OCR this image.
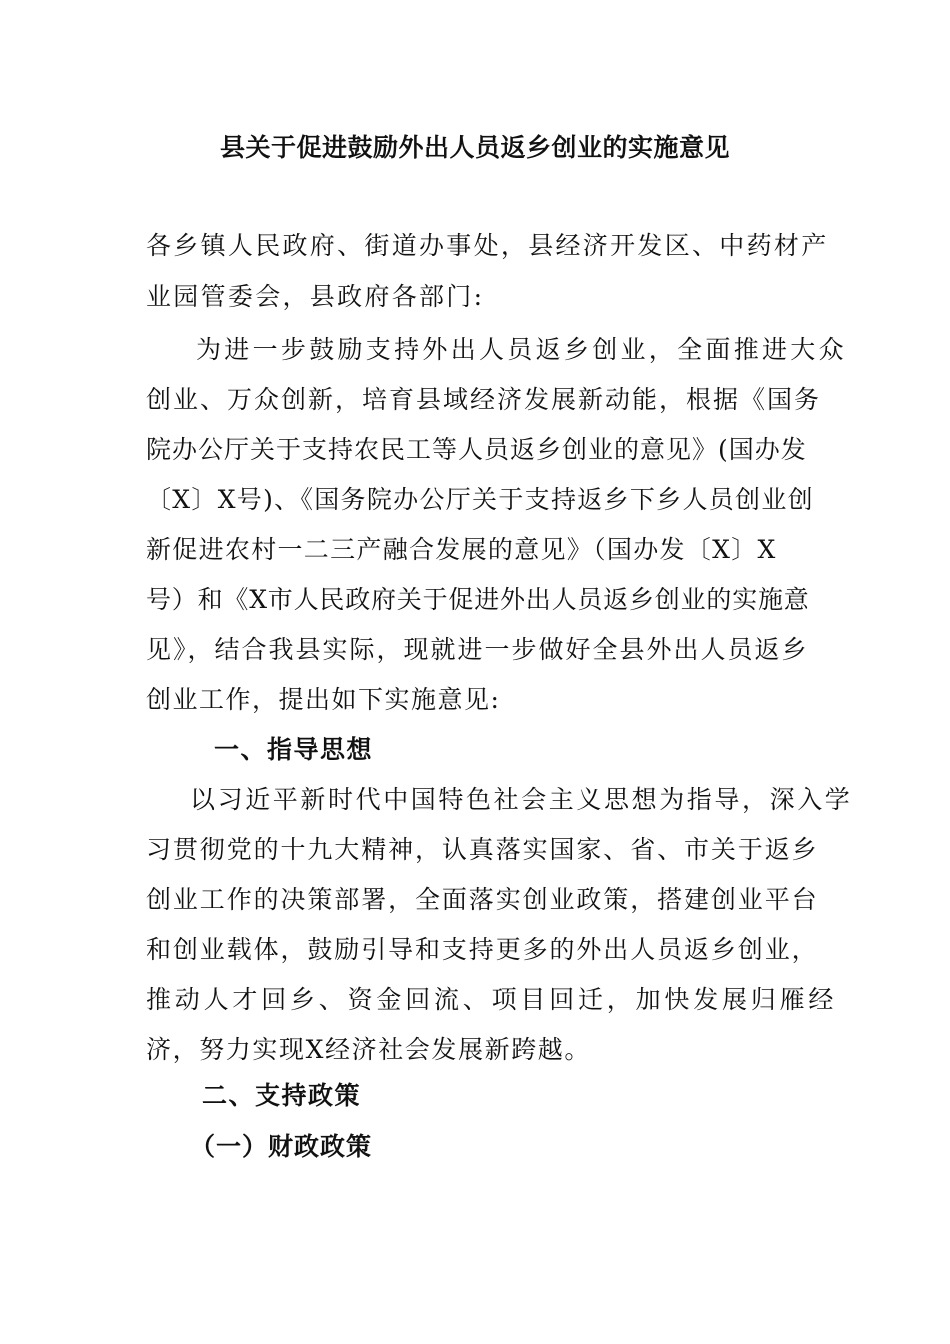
县关于促进鼓励外出人员返乡创业的实施意见
各乡镇人民政府、街道办事处，县经济开发区、中药材产
业园管委会，县政府各部门:
为进一步鼓励支持外出人员返乡创业，全面推进大众
创业、万众创新，培育县域经济发展新动能，根据《国务
院办公厅关于支持农民工等人员返乡创业的意见》(国办发
〔X〕X号)、《国务院办公厅关于支持返乡下乡人员创业创
新促进农村一二三产融合发展的意见》（国办发〔X〕X
号）和《X市人民政府关于促进外出人员返乡创业的实施意
见》，结合我县实际，现就进一步做好全县外出人员返乡
创业工作，提出如下实施意见:
一、指导思想
以习近平新时代中国特色社会主义思想为指导，深入学
习贯彻党的十九大精神，认真落实国家、省、市关于返乡
创业工作的决策部署，全面落实创业政策，搭建创业平台
和创业载体，鼓励引导和支持更多的外出人员返乡创业，
推动人才回乡、资金回流、项目回迁，加快发展归雁经
济，努力实现X经济社会发展新跨越。
二、支持政策
（一）财政政策
